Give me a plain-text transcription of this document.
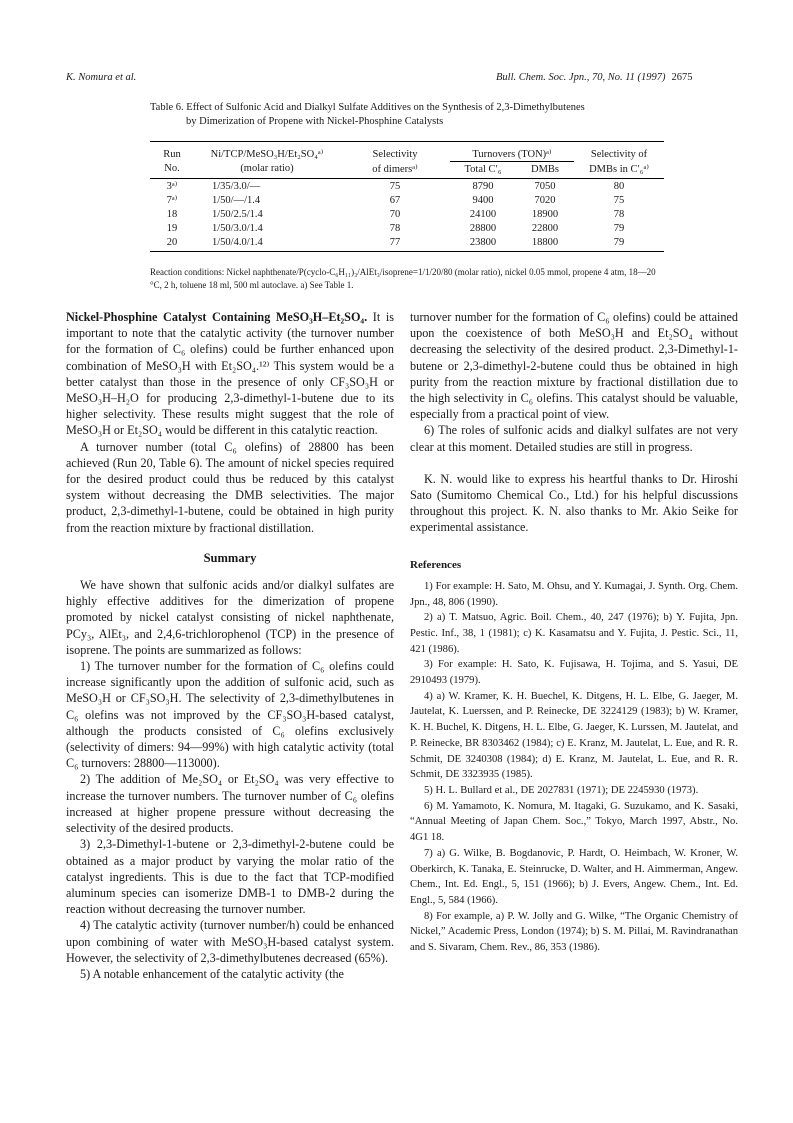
K. Nomura et al.	Bull. Chem. Soc. Jpn., 70, No. 11 (1997) 2675
Table 6. Effect of Sulfonic Acid and Dialkyl Sulfate Additives on the Synthesis of 2,3-Dimethylbutenes
by Dimerization of Propene with Nickel-Phosphine Catalysts
Run	Ni/TCP/MeSO₃H/Et₂SO₄ᵃ⁾	Selectivity	Turnovers (TON)ᵃ⁾		Selectivity of
No.	(molar ratio)	of dimersᵃ⁾	Total C′₆	DMBs	DMBs in C′₆ᵃ⁾
3ᵃ⁾	1/35/3.0/—	75	8790	7050	80
7ᵃ⁾	1/50/—/1.4	67	9400	7020	75
18	1/50/2.5/1.4	70	24100	18900	78
19	1/50/3.0/1.4	78	28800	22800	79
20	1/50/4.0/1.4	77	23800	18800	79
Reaction conditions: Nickel naphthenate/P(cyclo-C₆H₁₁)₃/AlEt₃/isoprene=1/1/20/80 (molar ratio), nickel 0.05 mmol, propene 4 atm, 18—20 °C, 2 h, toluene 18 ml, 500 ml autoclave. a) See Table 1.

Nickel-Phosphine Catalyst Containing MeSO₃H–Et₂SO₄. It is important to note that the catalytic activity (the turnover number for the formation of C₆ olefins) could be further enhanced upon combination of MeSO₃H with Et₂SO₄.¹²⁾ This system would be a better catalyst than those in the presence of only CF₃SO₃H or MeSO₃H–H₂O for producing 2,3-dimethyl-1-butene due to its higher selectivity. These results might suggest that the role of MeSO₃H or Et₂SO₄ would be different in this catalytic reaction.

A turnover number (total C₆ olefins) of 28800 has been achieved (Run 20, Table 6). The amount of nickel species required for the desired product could thus be reduced by this catalyst system without decreasing the DMB selectivities. The major product, 2,3-dimethyl-1-butene, could be obtained in high purity from the reaction mixture by fractional distillation.

Summary

We have shown that sulfonic acids and/or dialkyl sulfates are highly effective additives for the dimerization of propene promoted by nickel catalyst consisting of nickel naphthenate, PCy₃, AlEt₃, and 2,4,6-trichlorophenol (TCP) in the presence of isoprene. The points are summarized as follows:

1) The turnover number for the formation of C₆ olefins could increase significantly upon the addition of sulfonic acid, such as MeSO₃H or CF₃SO₃H. The selectivity of 2,3-dimethylbutenes in C₆ olefins was not improved by the CF₃SO₃H-based catalyst, although the products consisted of C₆ olefins exclusively (selectivity of dimers: 94—99%) with high catalytic activity (total C₆ turnovers: 28800—113000).

2) The addition of Me₂SO₄ or Et₂SO₄ was very effective to increase the turnover numbers. The turnover number of C₆ olefins increased at higher propene pressure without decreasing the selectivity of the desired products.

3) 2,3-Dimethyl-1-butene or 2,3-dimethyl-2-butene could be obtained as a major product by varying the molar ratio of the catalyst ingredients. This is due to the fact that TCP-modified aluminum species can isomerize DMB-1 to DMB-2 during the reaction without decreasing the turnover number.

4) The catalytic activity (turnover number/h) could be enhanced upon combining of water with MeSO₃H-based catalyst system. However, the selectivity of 2,3-dimethylbutenes decreased (65%).

5) A notable enhancement of the catalytic activity (the

turnover number for the formation of C₆ olefins) could be attained upon the coexistence of both MeSO₃H and Et₂SO₄ without decreasing the selectivity of the desired product. 2,3-Dimethyl-1-butene or 2,3-dimethyl-2-butene could thus be obtained in high purity from the reaction mixture by fractional distillation due to the high selectivity in C₆ olefins. This catalyst should be valuable, especially from a practical point of view.

6) The roles of sulfonic acids and dialkyl sulfates are not very clear at this moment. Detailed studies are still in progress.

K. N. would like to express his heartful thanks to Dr. Hiroshi Sato (Sumitomo Chemical Co., Ltd.) for his helpful discussions throughout this project. K. N. also thanks to Mr. Akio Seike for experimental assistance.

References

1) For example: H. Sato, M. Ohsu, and Y. Kumagai, J. Synth. Org. Chem. Jpn., 48, 806 (1990).

2) a) T. Matsuo, Agric. Boil. Chem., 40, 247 (1976); b) Y. Fujita, Jpn. Pestic. Inf., 38, 1 (1981); c) K. Kasamatsu and Y. Fujita, J. Pestic. Sci., 11, 421 (1986).

3) For example: H. Sato, K. Fujisawa, H. Tojima, and S. Yasui, DE 2910493 (1979).

4) a) W. Kramer, K. H. Buechel, K. Ditgens, H. L. Elbe, G. Jaeger, M. Jautelat, K. Luerssen, and P. Reinecke, DE 3224129 (1983); b) W. Kramer, K. H. Buchel, K. Ditgens, H. L. Elbe, G. Jaeger, K. Lurssen, M. Jautelat, and P. Reinecke, BR 8303462 (1984); c) E. Kranz, M. Jautelat, L. Eue, and R. R. Schmit, DE 3240308 (1984); d) E. Kranz, M. Jautelat, L. Eue, and R. R. Schmit, DE 3323935 (1985).

5) H. L. Bullard et al., DE 2027831 (1971); DE 2245930 (1973).

6) M. Yamamoto, K. Nomura, M. Itagaki, G. Suzukamo, and K. Sasaki, “Annual Meeting of Japan Chem. Soc.,” Tokyo, March 1997, Abstr., No. 4G1 18.

7) a) G. Wilke, B. Bogdanovic, P. Hardt, O. Heimbach, W. Kroner, W. Oberkirch, K. Tanaka, E. Steinrucke, D. Walter, and H. Aimmerman, Angew. Chem., Int. Ed. Engl., 5, 151 (1966); b) J. Evers, Angew. Chem., Int. Ed. Engl., 5, 584 (1966).

8) For example, a) P. W. Jolly and G. Wilke, “The Organic Chemistry of Nickel,” Academic Press, London (1974); b) S. M. Pillai, M. Ravindranathan and S. Sivaram, Chem. Rev., 86, 353 (1986).
